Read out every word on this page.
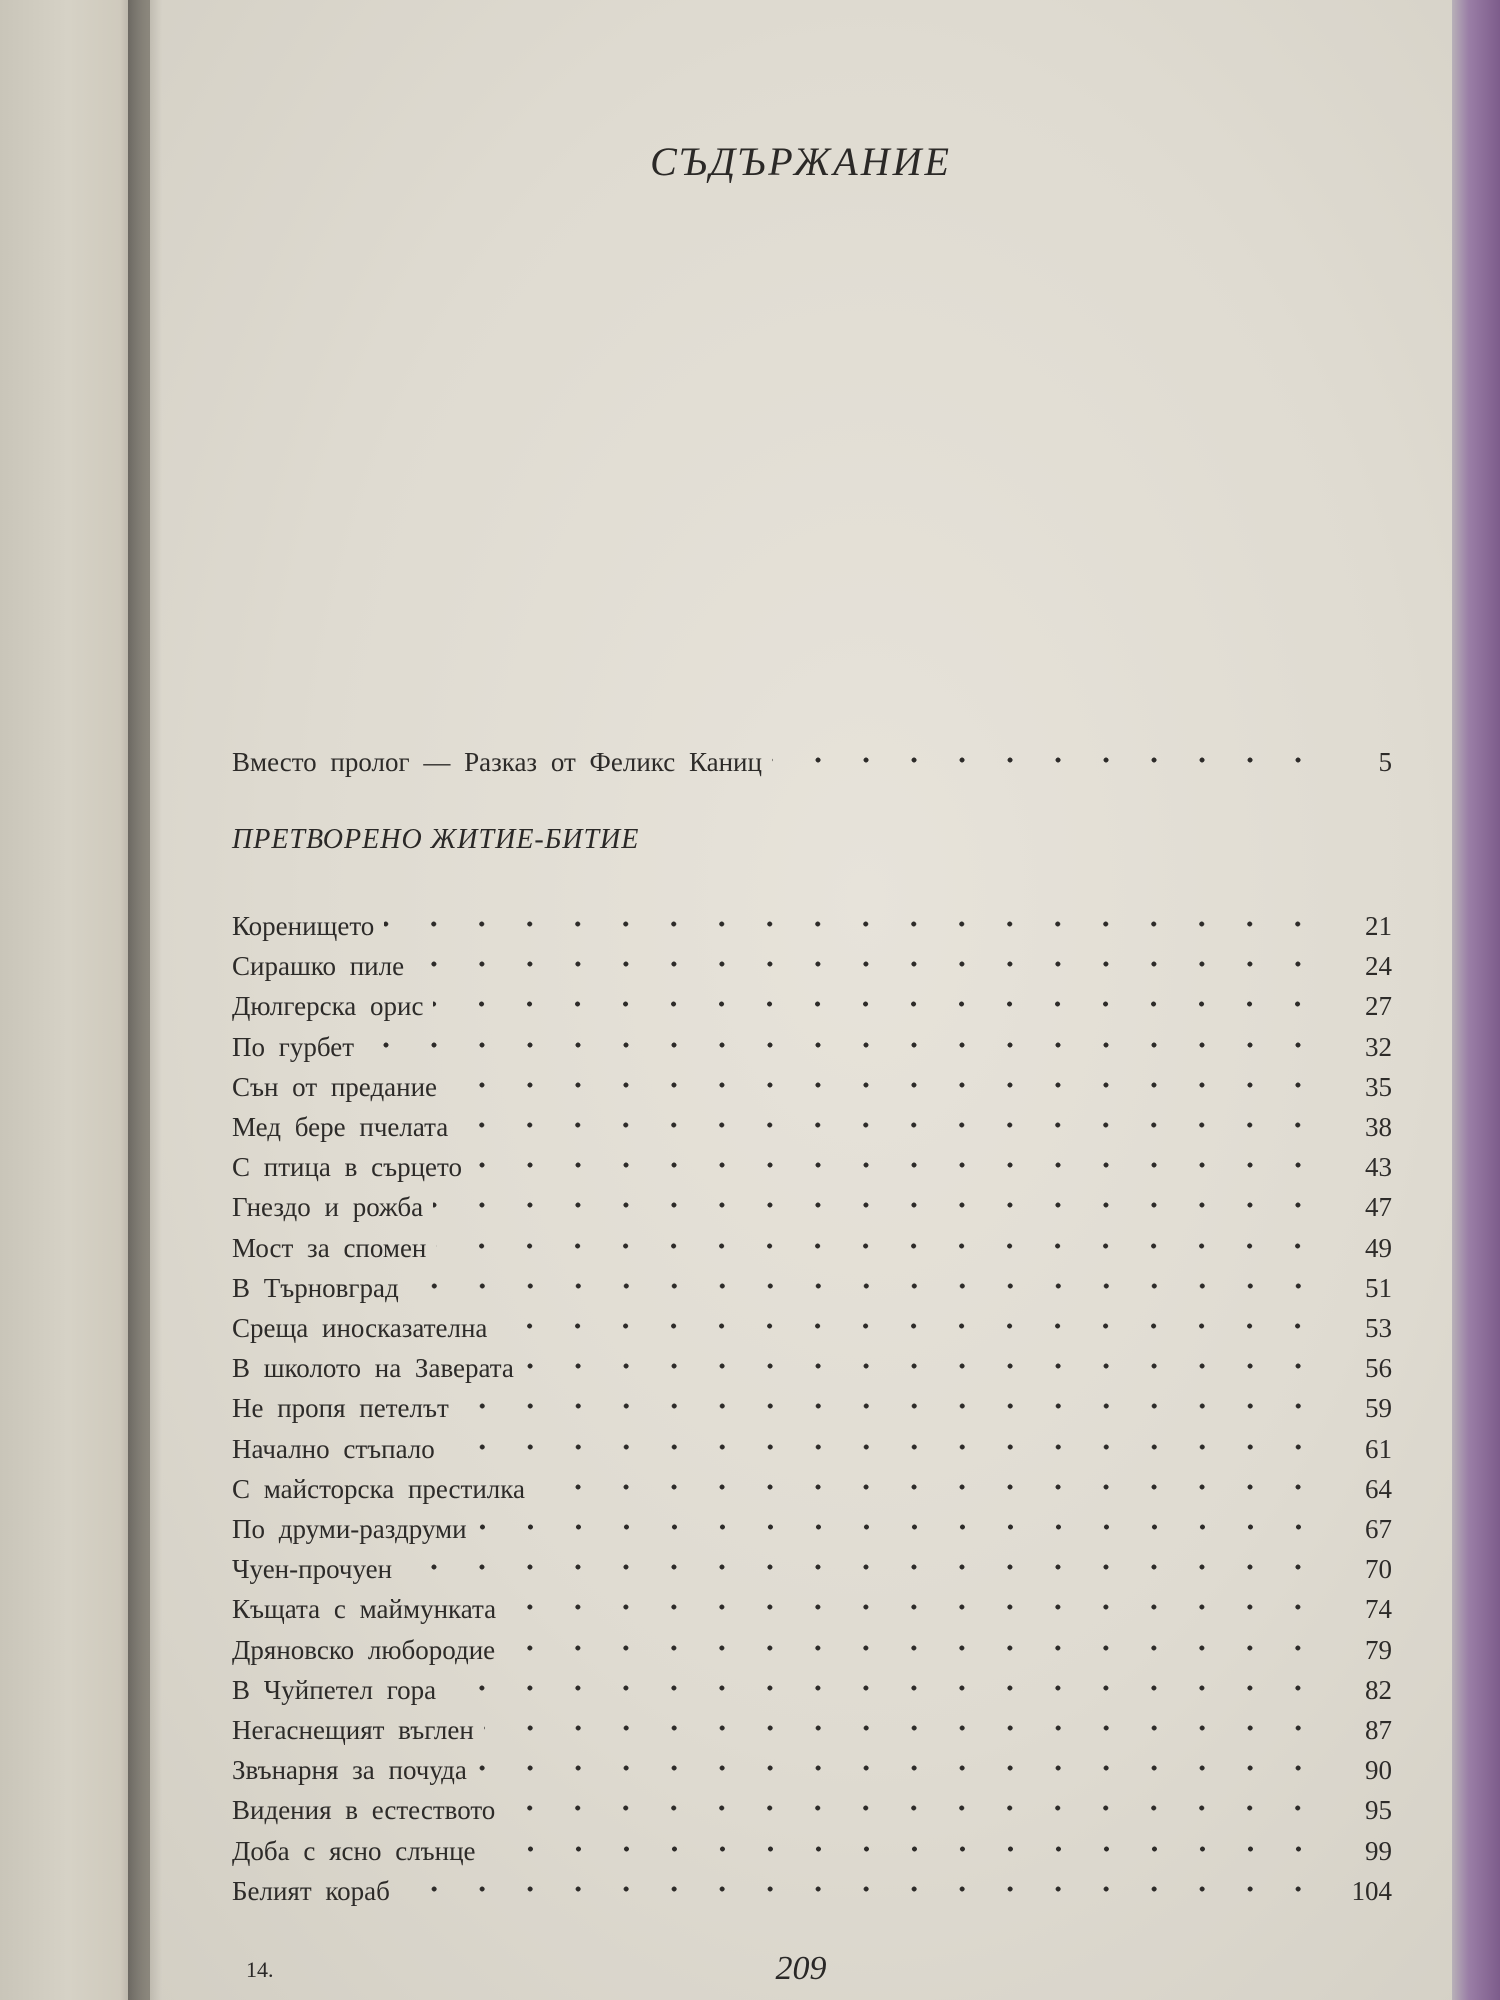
СЪДЪРЖАНИЕ
Вместо пролог — Разказ от Феликс Каниц	5
ПРЕТВОРЕНО ЖИТИЕ-БИТИЕ
Коренището	21
Сирашко пиле	24
Дюлгерска орис	27
По гурбет	32
Сън от предание	35
Мед бере пчелата	38
С птица в сърцето	43
Гнездо и рожба	47
Мост за спомен	49
В Търновград	51
Среща иносказателна	53
В школото на Заверата	56
Не пропя петелът	59
Начално стъпало	61
С майсторска престилка	64
По друми-раздруми	67
Чуен-прочуен	70
Къщата с маймунката	74
Дряновско любородие	79
В Чуйпетел гора	82
Негаснещият въглен	87
Звънарня за почуда	90
Видения в естеството	95
Доба с ясно слънце	99
Белият кораб	104
14.	209
